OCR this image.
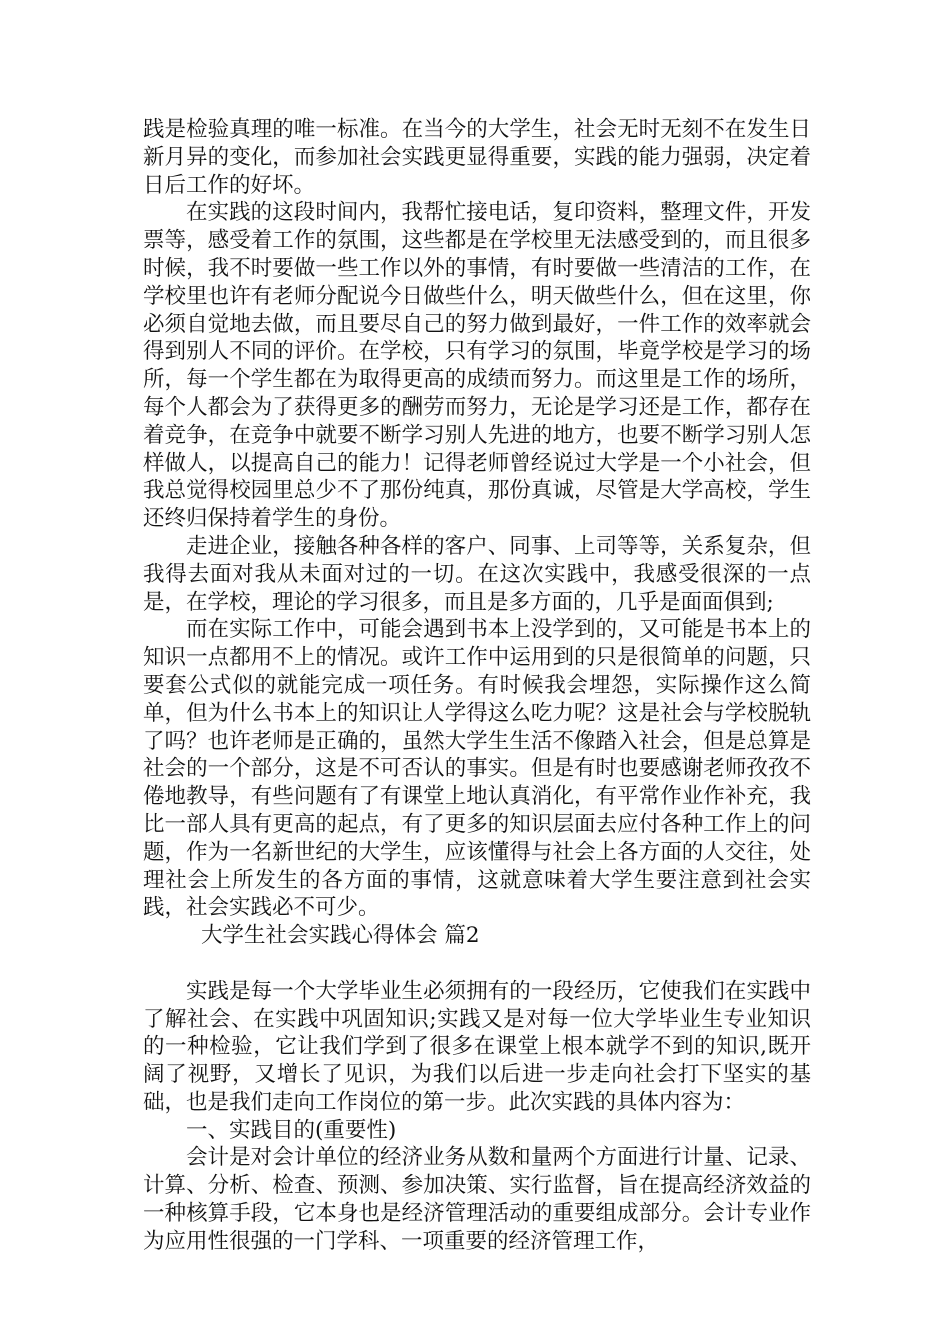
践是检验真理的唯一标准。在当今的大学生，社会无时无刻不在发生日新月异的变化，而参加社会实践更显得重要，实践的能力强弱，决定着日后工作的好坏。

在实践的这段时间内，我帮忙接电话，复印资料，整理文件，开发票等，感受着工作的氛围，这些都是在学校里无法感受到的，而且很多时候，我不时要做一些工作以外的事情，有时要做一些清洁的工作，在学校里也许有老师分配说今日做些什么，明天做些什么，但在这里，你必须自觉地去做，而且要尽自己的努力做到最好，一件工作的效率就会得到别人不同的评价。在学校，只有学习的氛围，毕竟学校是学习的场所，每一个学生都在为取得更高的成绩而努力。而这里是工作的场所，每个人都会为了获得更多的酬劳而努力，无论是学习还是工作，都存在着竞争，在竞争中就要不断学习别人先进的地方，也要不断学习别人怎样做人，以提高自己的能力！记得老师曾经说过大学是一个小社会，但我总觉得校园里总少不了那份纯真，那份真诚，尽管是大学高校，学生还终归保持着学生的身份。

走进企业，接触各种各样的客户、同事、上司等等，关系复杂，但我得去面对我从未面对过的一切。在这次实践中，我感受很深的一点是，在学校，理论的学习很多，而且是多方面的，几乎是面面俱到;

而在实际工作中，可能会遇到书本上没学到的，又可能是书本上的知识一点都用不上的情况。或许工作中运用到的只是很简单的问题，只要套公式似的就能完成一项任务。有时候我会埋怨，实际操作这么简单，但为什么书本上的知识让人学得这么吃力呢？这是社会与学校脱轨了吗？也许老师是正确的，虽然大学生生活不像踏入社会，但是总算是社会的一个部分，这是不可否认的事实。但是有时也要感谢老师孜孜不倦地教导，有些问题有了有课堂上地认真消化，有平常作业作补充，我比一部人具有更高的起点，有了更多的知识层面去应付各种工作上的问题，作为一名新世纪的大学生，应该懂得与社会上各方面的人交往，处理社会上所发生的各方面的事情，这就意味着大学生要注意到社会实践，社会实践必不可少。

大学生社会实践心得体会 篇2

实践是每一个大学毕业生必须拥有的一段经历，它使我们在实践中了解社会、在实践中巩固知识;实践又是对每一位大学毕业生专业知识的一种检验，它让我们学到了很多在课堂上根本就学不到的知识,既开阔了视野，又增长了见识，为我们以后进一步走向社会打下坚实的基础，也是我们走向工作岗位的第一步。此次实践的具体内容为：

一、实践目的(重要性)

会计是对会计单位的经济业务从数和量两个方面进行计量、记录、计算、分析、检查、预测、参加决策、实行监督，旨在提高经济效益的一种核算手段，它本身也是经济管理活动的重要组成部分。会计专业作为应用性很强的一门学科、一项重要的经济管理工作，
